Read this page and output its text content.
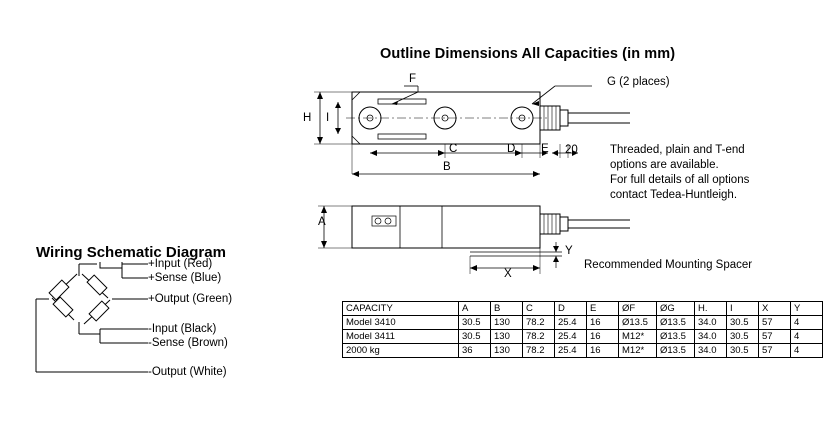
Outline Dimensions All Capacities (in mm)
F	G (2 places)
H I
C	D E 20
B
Threaded, plain and T-end
options are available.
For full details of all options
contact Tedea-Huntleigh.
A
X
Y
Recommended Mounting Spacer
Wiring Schematic Diagram
+Input (Red)
+Sense (Blue)
+Output (Green)
-Input (Black)
-Sense (Brown)
-Output (White)
CAPACITY	A	B	C	D	E	ØF	ØG	H.	I	X	Y
Model 3410	30.5	130	78.2	25.4	16	Ø13.5	Ø13.5	34.0	30.5	57	4
Model 3411	30.5	130	78.2	25.4	16	M12*	Ø13.5	34.0	30.5	57	4
2000 kg	36	130	78.2	25.4	16	M12*	Ø13.5	34.0	30.5	57	4
